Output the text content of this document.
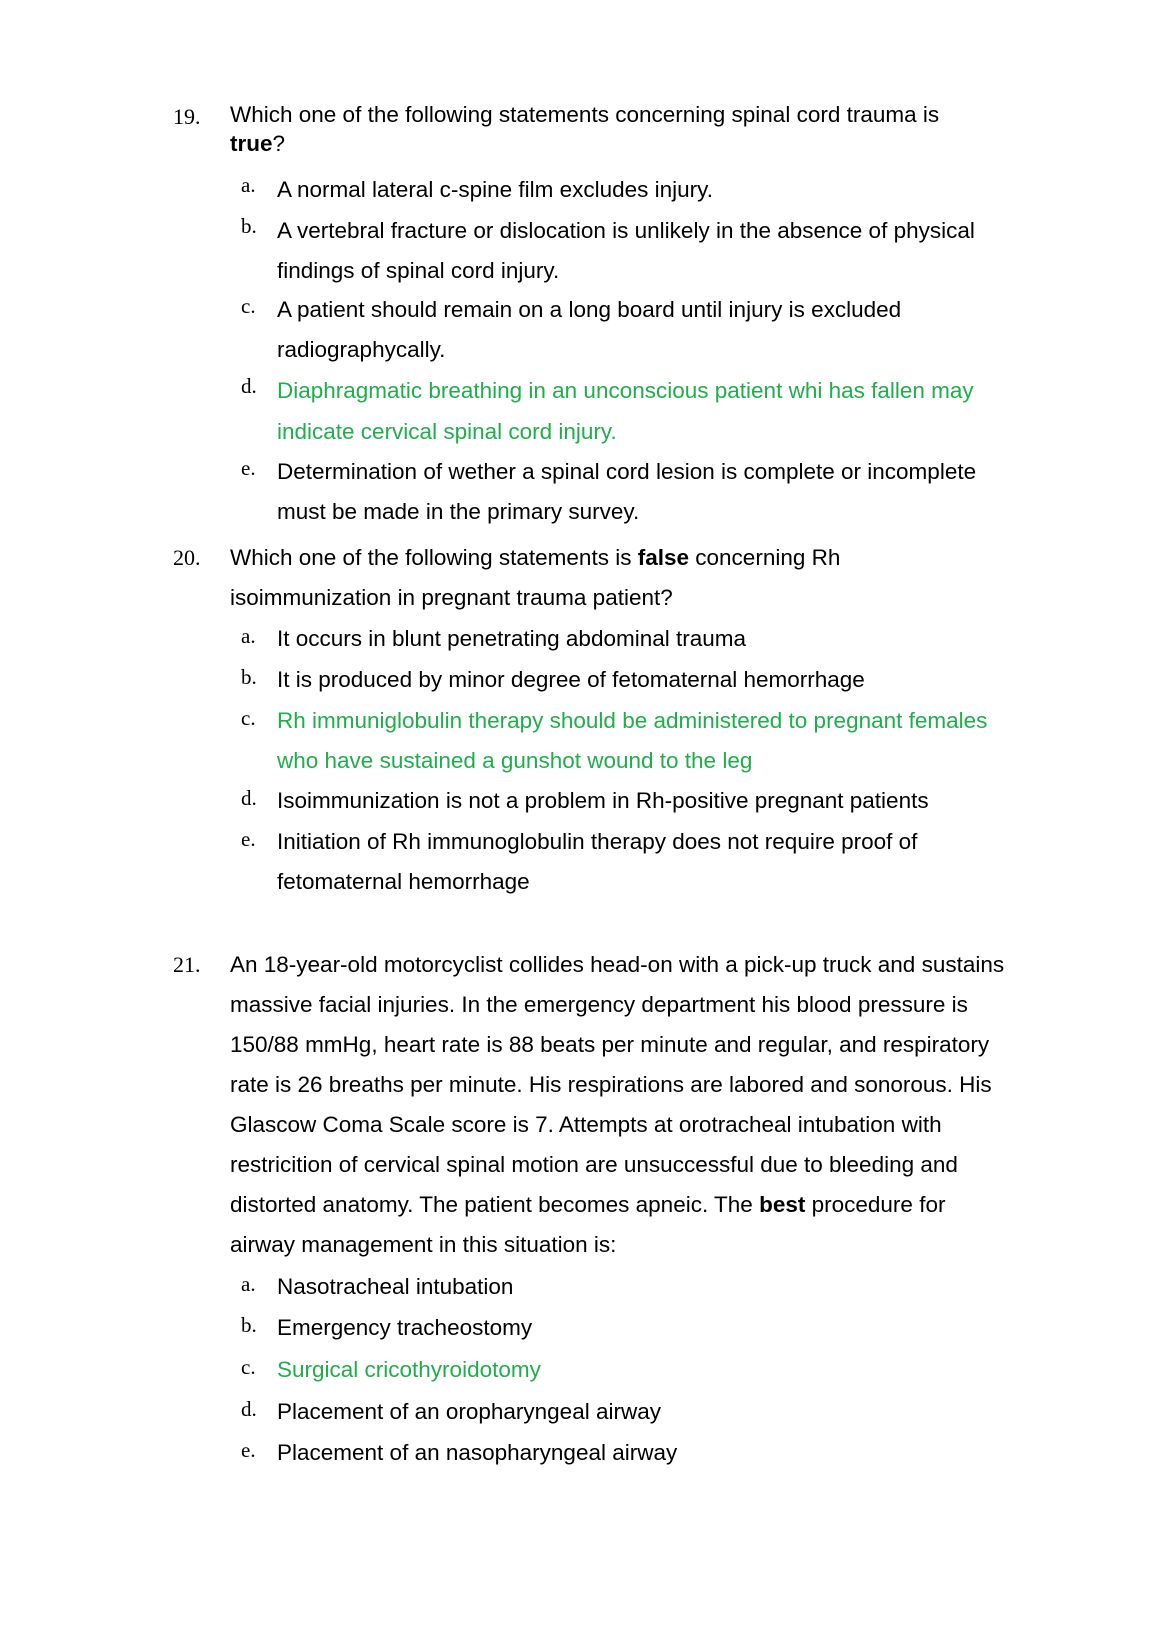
19. Which one of the following statements concerning spinal cord trauma is
true?
a. A normal lateral c-spine film excludes injury.
b. A vertebral fracture or dislocation is unlikely in the absence of physical findings of spinal cord injury.
c. A patient should remain on a long board until injury is excluded radiographycally.
d. Diaphragmatic breathing in an unconscious patient whi has fallen may indicate cervical spinal cord injury.
e. Determination of wether a spinal cord lesion is complete or incomplete must be made in the primary survey.
20. Which one of the following statements is false concerning Rh isoimmunization in pregnant trauma patient?
a. It occurs in blunt penetrating abdominal trauma
b. It is produced by minor degree of fetomaternal hemorrhage
c. Rh immuniglobulin therapy should be administered to pregnant females who have sustained a gunshot wound to the leg
d. Isoimmunization is not a problem in Rh-positive pregnant patients
e. Initiation of Rh immunoglobulin therapy does not require proof of fetomaternal hemorrhage
21. An 18-year-old motorcyclist collides head-on with a pick-up truck and sustains massive facial injuries. In the emergency department his blood pressure is 150/88 mmHg, heart rate is 88 beats per minute and regular, and respiratory rate is 26 breaths per minute. His respirations are labored and sonorous. His Glascow Coma Scale score is 7. Attempts at orotracheal intubation with restricition of cervical spinal motion are unsuccessful due to bleeding and distorted anatomy. The patient becomes apneic. The best procedure for airway management in this situation is:
a. Nasotracheal intubation
b. Emergency tracheostomy
c. Surgical cricothyroidotomy
d. Placement of an oropharyngeal airway
e. Placement of an nasopharyngeal airway
